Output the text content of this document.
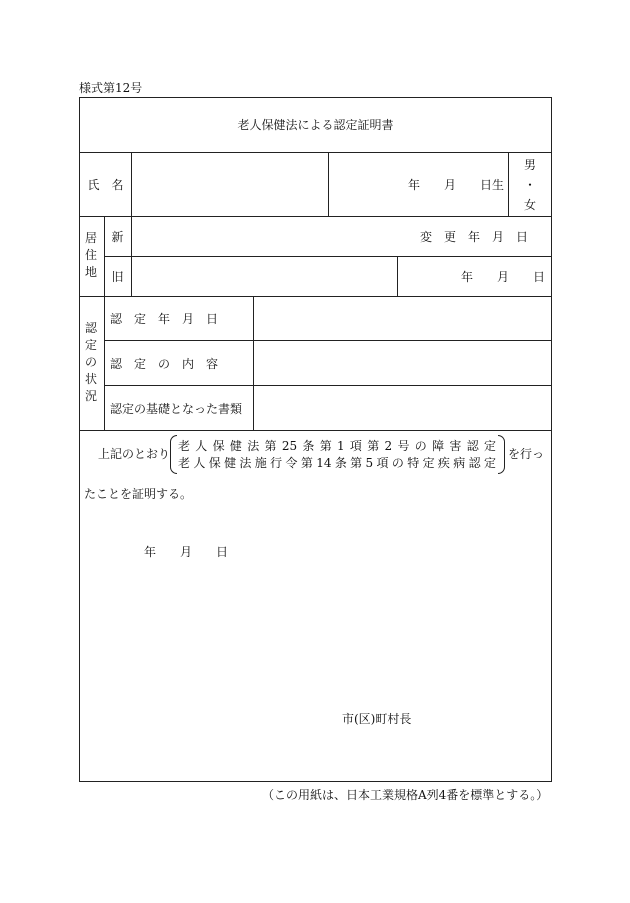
様式第12号
老人保健法による認定証明書
氏　名	年　　月　　日生
男
・
女
居住地
新
旧
変　更　年　月　日
年　　月　　日
認定の状況
認　定　年　月　日
認　定　の　内　容
認定の基礎となった書類
上記のとおり
老人保健法第25条第1項第2号の障害認定
老人保健法施行令第14条第5項の特定疾病認定
を行っ
たことを証明する。
年　　月　　日
市(区)町村長
（この用紙は、日本工業規格A列4番を標準とする。）
